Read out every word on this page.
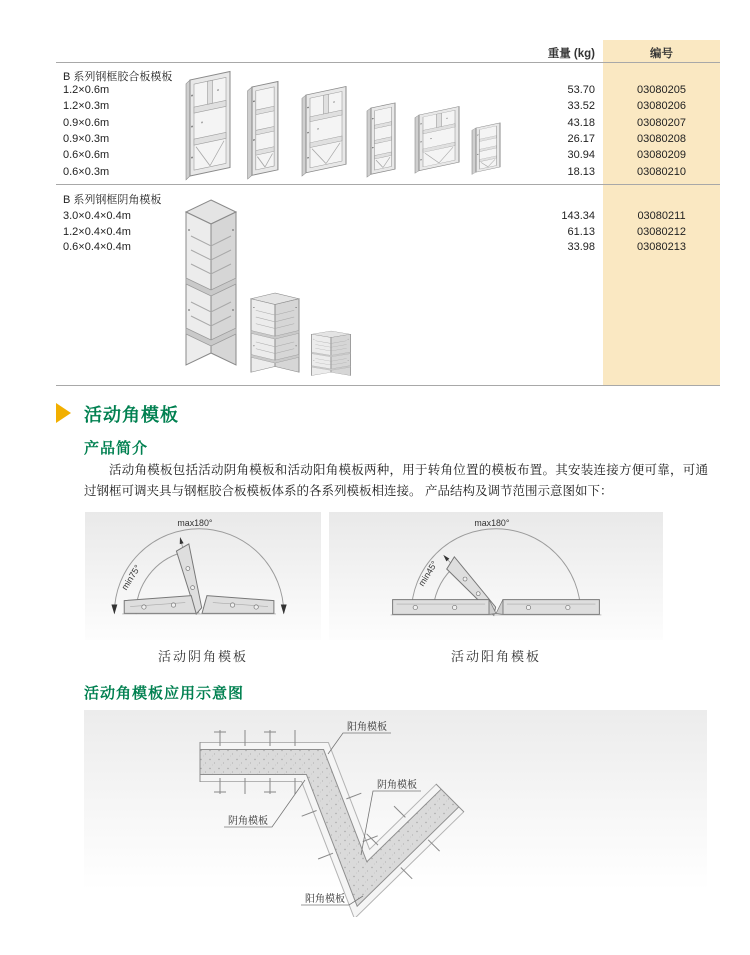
重量 (kg)	编号
B 系列钢框胶合板模板
1.2×0.6m	53.70	03080205
1.2×0.3m	33.52	03080206
0.9×0.6m	43.18	03080207
0.9×0.3m	26.17	03080208
0.6×0.6m	30.94	03080209
0.6×0.3m	18.13	03080210
B 系列钢框阴角模板
3.0×0.4×0.4m	143.34	03080211
1.2×0.4×0.4m	61.13	03080212
0.6×0.4×0.4m	33.98	03080213
活动角模板
产品简介
活动角模板包括活动阴角模板和活动阳角模板两种，用于转角位置的模板布置。其安装连接方便可靠，可通过钢框可调夹具与钢框胶合板模板体系的各系列模板相连接。 产品结构及调节范围示意图如下：
max180°
min75°
max180°
min45°
活动阴角模板	活动阳角模板
活动角模板应用示意图
阳角模板
阴角模板
阴角模板
阳角模板
